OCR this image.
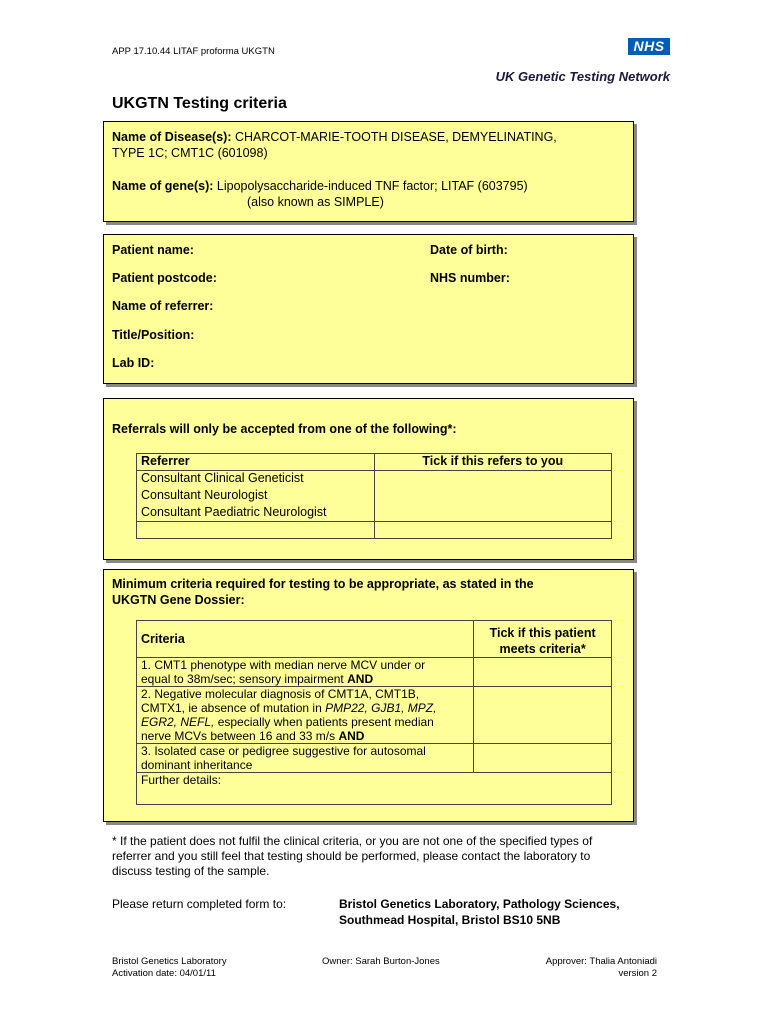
APP 17.10.44 LITAF proforma UKGTN	NHS
UK Genetic Testing Network
UKGTN Testing criteria
Name of Disease(s): CHARCOT-MARIE-TOOTH DISEASE, DEMYELINATING,
TYPE 1C; CMT1C (601098)
Name of gene(s): Lipopolysaccharide-induced TNF factor; LITAF (603795)
(also known as SIMPLE)
Patient name:	Date of birth:
Patient postcode:	NHS number:
Name of referrer:
Title/Position:
Lab ID:
Referrals will only be accepted from one of the following*:
Referrer	Tick if this refers to you
Consultant Clinical Geneticist	
Consultant Neurologist	
Consultant Paediatric Neurologist	

Minimum criteria required for testing to be appropriate, as stated in the
UKGTN Gene Dossier:
Criteria	Tick if this patient
meets criteria*

1. CMT1 phenotype with median nerve MCV under or
equal to 38m/sec; sensory impairment AND	

2. Negative molecular diagnosis of CMT1A, CMT1B,
CMTX1, ie absence of mutation in PMP22, GJB1, MPZ,
EGR2, NEFL, especially when patients present median
nerve MCVs between 16 and 33 m/s AND	

3. Isolated case or pedigree suggestive for autosomal
dominant inheritance	

Further details:	
* If the patient does not fulfil the clinical criteria, or you are not one of the specified types of
referrer and you still feel that testing should be performed, please contact the laboratory to
discuss testing of the sample.
Please return completed form to:	Bristol Genetics Laboratory, Pathology Sciences,
Southmead Hospital, Bristol BS10 5NB
Bristol Genetics Laboratory
Activation date: 04/01/11
Owner: Sarah Burton-Jones	Approver: Thalia Antoniadi
version 2
